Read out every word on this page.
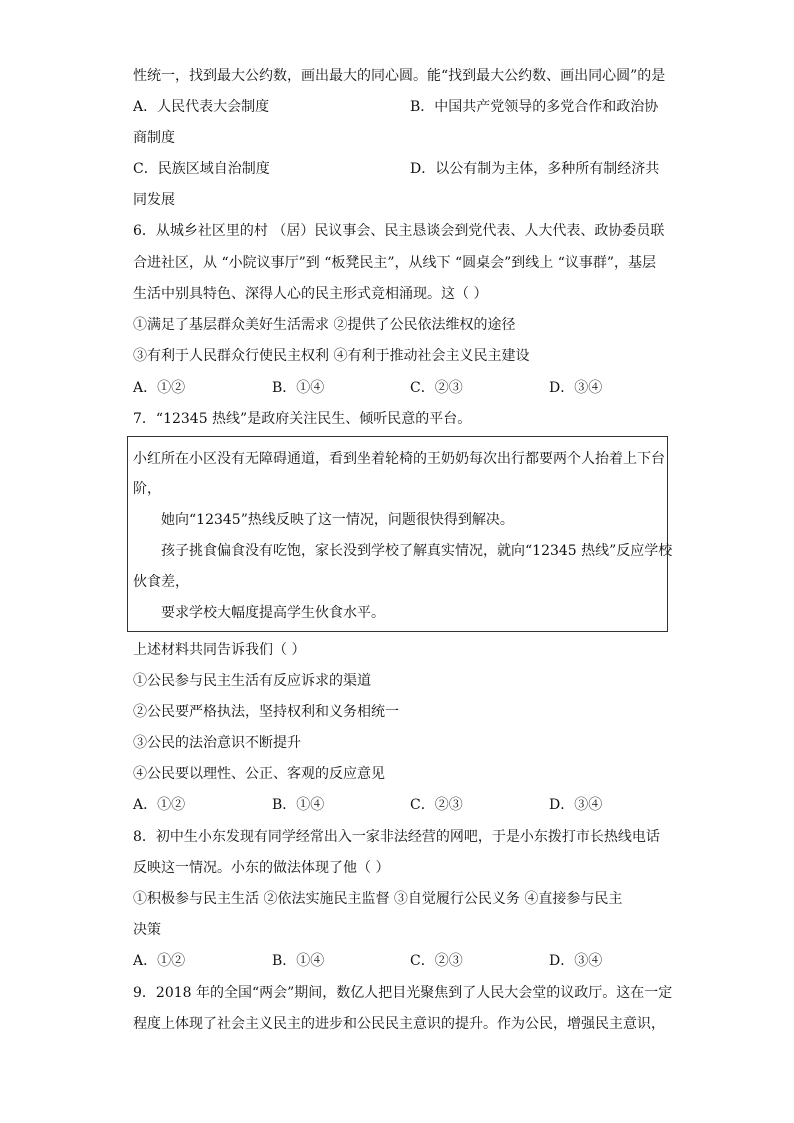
性统一，找到最大公约数，画出最大的同心圆。能“找到最大公约数、画出同心圆”的是
A．人民代表大会制度	B．中国共产党领导的多党合作和政治协
商制度
C．民族区域自治制度	D．以公有制为主体，多种所有制经济共
同发展
6．从城乡社区里的村 （居）民议事会、民主恳谈会到党代表、人大代表、政协委员联
合进社区，从 “小院议事厅”到 “板凳民主”，从线下 “圆桌会”到线上 “议事群”，基层
生活中别具特色、深得人心的民主形式竞相涌现。这（ ）
①满足了基层群众美好生活需求 ②提供了公民依法维权的途径
③有利于人民群众行使民主权利 ④有利于推动社会主义民主建设
A．①②	B．①④	C．②③	D．③④
7．“12345 热线”是政府关注民生、倾听民意的平台。
小红所在小区没有无障碍通道，看到坐着轮椅的王奶奶每次出行都要两个人抬着上下台
阶，
她向“12345”热线反映了这一情况，问题很快得到解决。
孩子挑食偏食没有吃饱，家长没到学校了解真实情况，就向“12345 热线”反应学校
伙食差，
要求学校大幅度提高学生伙食水平。
上述材料共同告诉我们（ ）
①公民参与民主生活有反应诉求的渠道
②公民要严格执法，坚持权利和义务相统一
③公民的法治意识不断提升
④公民要以理性、公正、客观的反应意见
A．①②	B．①④	C．②③	D．③④
8．初中生小东发现有同学经常出入一家非法经营的网吧，于是小东拨打市长热线电话
反映这一情况。小东的做法体现了他（ ）
①积极参与民主生活 ②依法实施民主监督 ③自觉履行公民义务 ④直接参与民主
决策
A．①②	B．①④	C．②③	D．③④
9．2018 年的全国“两会”期间，数亿人把目光聚焦到了人民大会堂的议政厅。这在一定
程度上体现了社会主义民主的进步和公民民主意识的提升。作为公民，增强民主意识，
